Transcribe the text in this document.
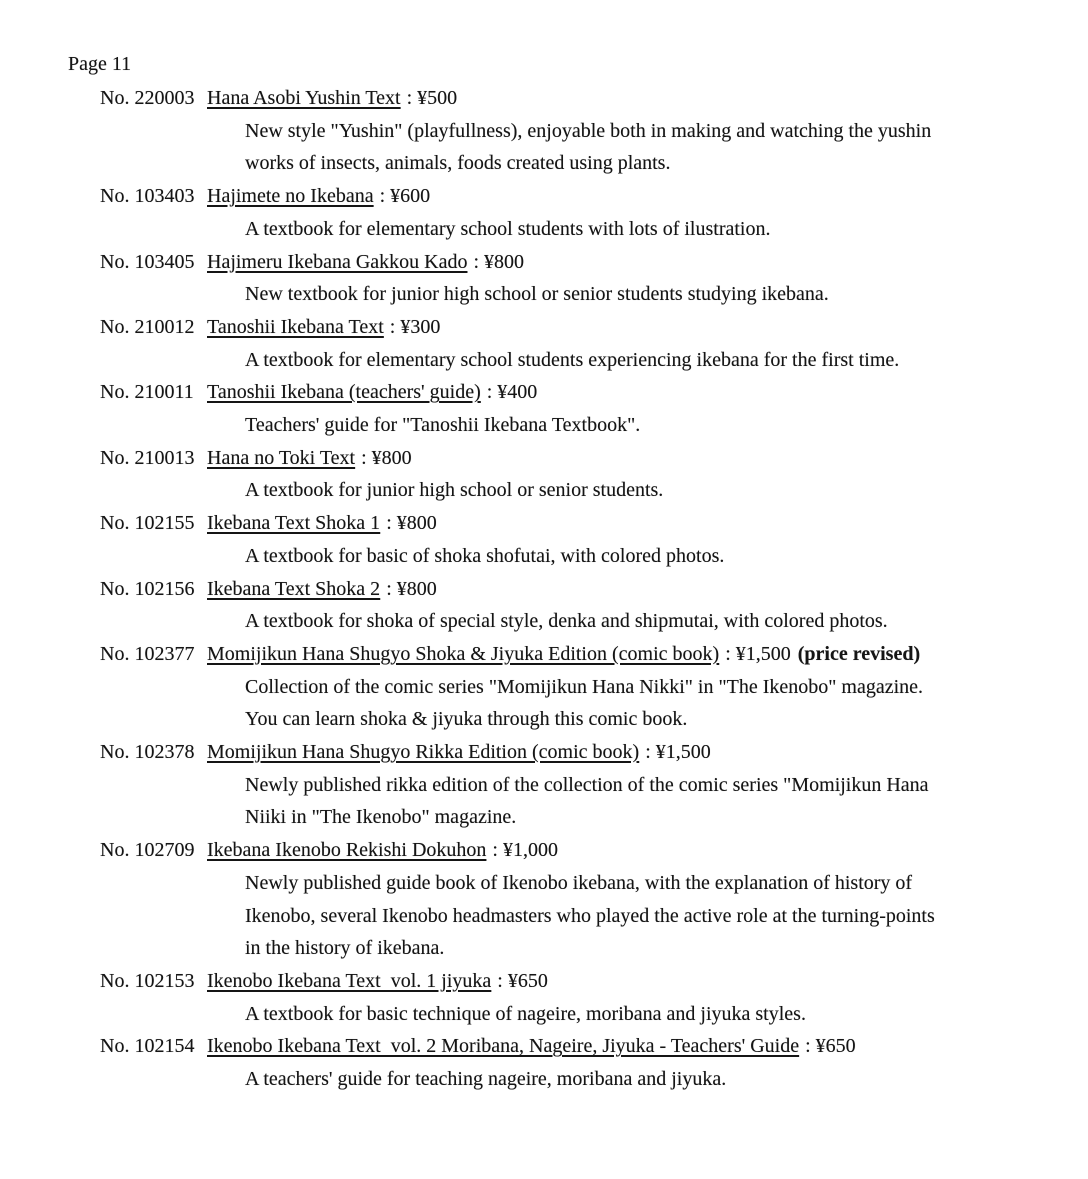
Page 11
No. 220003 Hana Asobi Yushin Text : ¥500
New style "Yushin" (playfullness), enjoyable both in making and watching the yushin
works of insects, animals, foods created using plants.
No. 103403 Hajimete no Ikebana : ¥600
A textbook for elementary school students with lots of ilustration.
No. 103405 Hajimeru Ikebana Gakkou Kado : ¥800
New textbook for junior high school or senior students studying ikebana.
No. 210012 Tanoshii Ikebana Text : ¥300
A textbook for elementary school students experiencing ikebana for the first time.
No. 210011 Tanoshii Ikebana (teachers' guide) : ¥400
Teachers' guide for "Tanoshii Ikebana Textbook".
No. 210013 Hana no Toki Text : ¥800
A textbook for junior high school or senior students.
No. 102155 Ikebana Text Shoka 1 : ¥800
A textbook for basic of shoka shofutai, with colored photos.
No. 102156 Ikebana Text Shoka 2 : ¥800
A textbook for shoka of special style, denka and shipmutai, with colored photos.
No. 102377 Momijikun Hana Shugyo Shoka & Jiyuka Edition (comic book) : ¥1,500 (price revised)
Collection of the comic series "Momijikun Hana Nikki" in "The Ikenobo" magazine.
You can learn shoka & jiyuka through this comic book.
No. 102378 Momijikun Hana Shugyo Rikka Edition (comic book) : ¥1,500
Newly published rikka edition of the collection of the comic series "Momijikun Hana
Niiki in "The Ikenobo" magazine.
No. 102709 Ikebana Ikenobo Rekishi Dokuhon : ¥1,000
Newly published guide book of Ikenobo ikebana, with the explanation of history of
Ikenobo, several Ikenobo headmasters who played the active role at the turning-points
in the history of ikebana.
No. 102153 Ikenobo Ikebana Text  vol. 1 jiyuka : ¥650
A textbook for basic technique of nageire, moribana and jiyuka styles.
No. 102154 Ikenobo Ikebana Text  vol. 2 Moribana, Nageire, Jiyuka - Teachers' Guide : ¥650
A teachers' guide for teaching nageire, moribana and jiyuka.
